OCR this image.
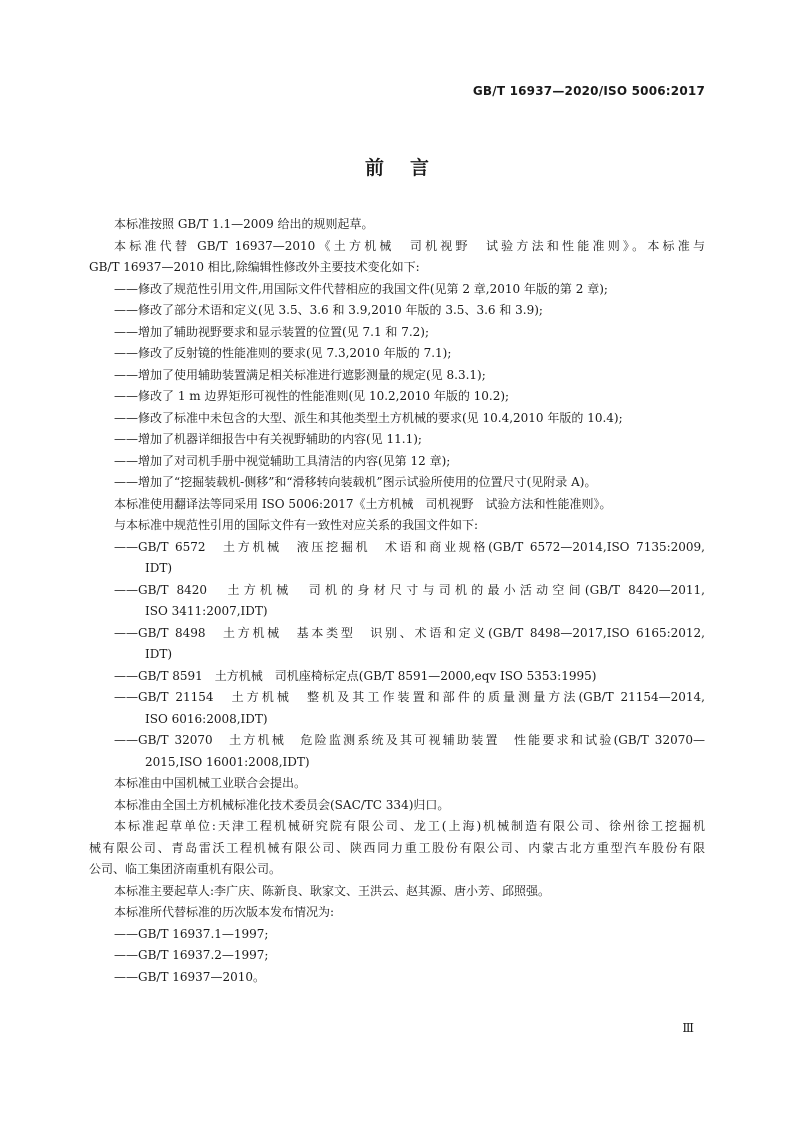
GB/T 16937—2020/ISO 5006:2017
前言
本标准按照 GB/T 1.1—2009 给出的规则起草。
本标准代替 GB/T 16937—2010《土方机械　司机视野　试验方法和性能准则》。本标准与
GB/T 16937—2010 相比,除编辑性修改外主要技术变化如下:
——修改了规范性引用文件,用国际文件代替相应的我国文件(见第 2 章,2010 年版的第 2 章);
——修改了部分术语和定义(见 3.5、3.6 和 3.9,2010 年版的 3.5、3.6 和 3.9);
——增加了辅助视野要求和显示装置的位置(见 7.1 和 7.2);
——修改了反射镜的性能准则的要求(见 7.3,2010 年版的 7.1);
——增加了使用辅助装置满足相关标准进行遮影测量的规定(见 8.3.1);
——修改了 1 m 边界矩形可视性的性能准则(见 10.2,2010 年版的 10.2);
——修改了标准中未包含的大型、派生和其他类型土方机械的要求(见 10.4,2010 年版的 10.4);
——增加了机器详细报告中有关视野辅助的内容(见 11.1);
——增加了对司机手册中视觉辅助工具清洁的内容(见第 12 章);
——增加了“挖掘装载机-侧移”和“滑移转向装载机”图示试验所使用的位置尺寸(见附录 A)。
本标准使用翻译法等同采用 ISO 5006:2017《土方机械　司机视野　试验方法和性能准则》。
与本标准中规范性引用的国际文件有一致性对应关系的我国文件如下:
——GB/T 6572　土方机械　液压挖掘机　术语和商业规格(GB/T 6572—2014,ISO 7135:2009,
IDT)
——GB/T 8420　土方机械　司机的身材尺寸与司机的最小活动空间(GB/T 8420—2011,
ISO 3411:2007,IDT)
——GB/T 8498　土方机械　基本类型　识别、术语和定义(GB/T 8498—2017,ISO 6165:2012,
IDT)
——GB/T 8591　土方机械　司机座椅标定点(GB/T 8591—2000,eqv ISO 5353:1995)
——GB/T 21154　土方机械　整机及其工作装置和部件的质量测量方法(GB/T 21154—2014,
ISO 6016:2008,IDT)
——GB/T 32070　土方机械　危险监测系统及其可视辅助装置　性能要求和试验(GB/T 32070—
2015,ISO 16001:2008,IDT)
本标准由中国机械工业联合会提出。
本标准由全国土方机械标准化技术委员会(SAC/TC 334)归口。
本标准起草单位:天津工程机械研究院有限公司、龙工(上海)机械制造有限公司、徐州徐工挖掘机
械有限公司、青岛雷沃工程机械有限公司、陕西同力重工股份有限公司、内蒙古北方重型汽车股份有限
公司、临工集团济南重机有限公司。
本标准主要起草人:李广庆、陈新良、耿家文、王洪云、赵其源、唐小芳、邱照强。
本标准所代替标准的历次版本发布情况为:
——GB/T 16937.1—1997;
——GB/T 16937.2—1997;
——GB/T 16937—2010。
Ⅲ
